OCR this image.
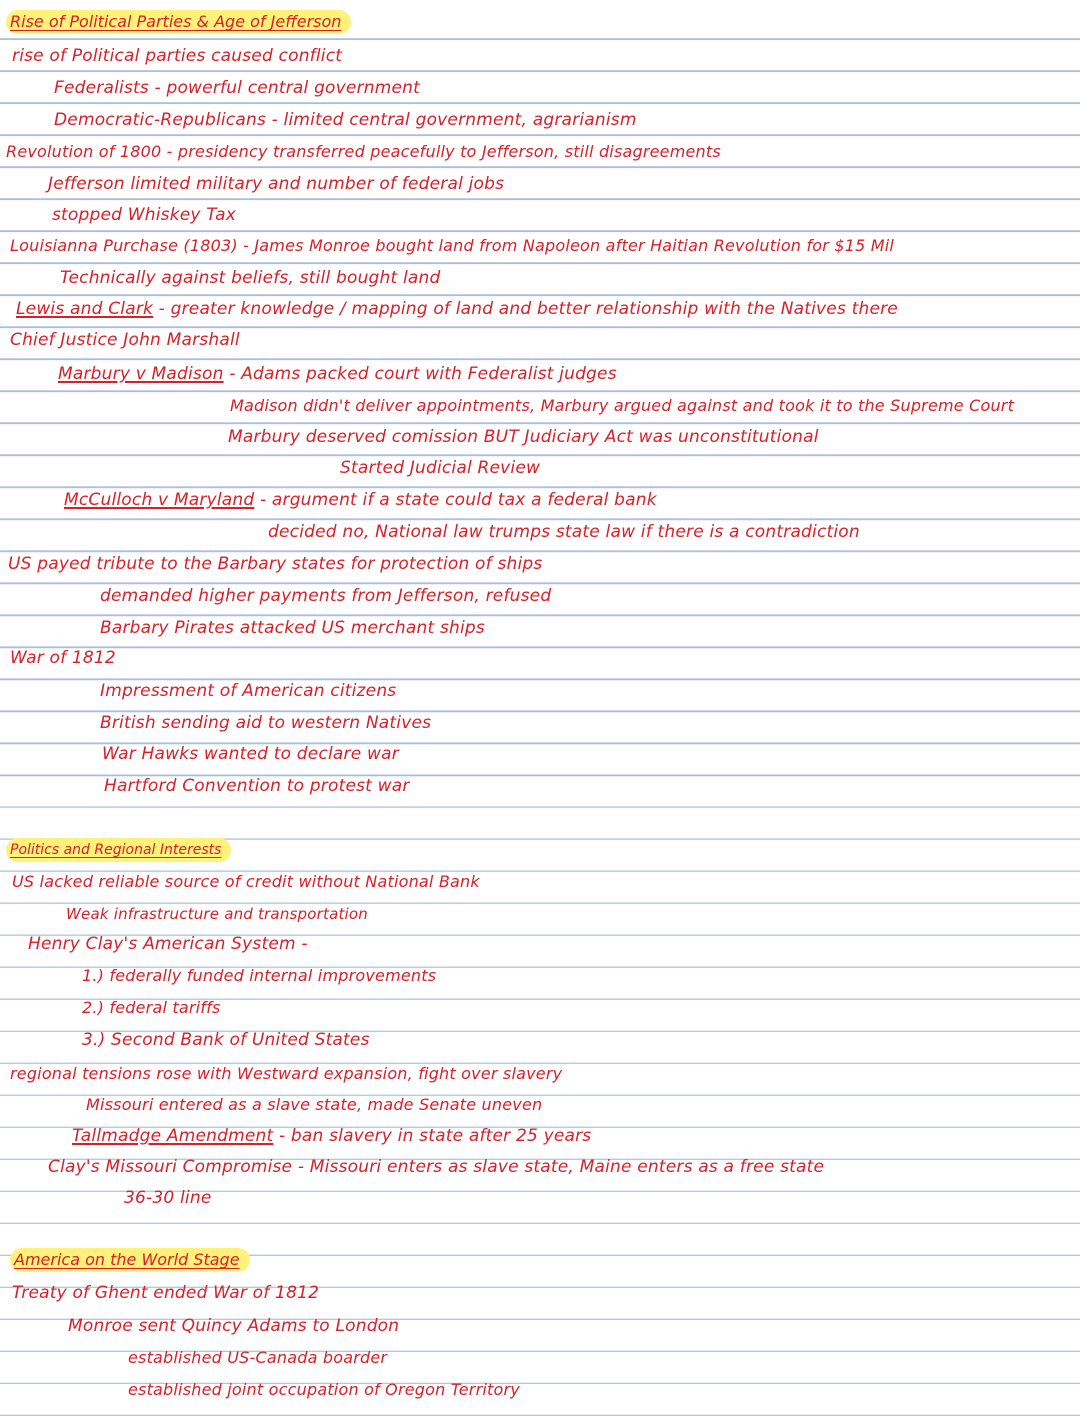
Rise of Political Parties & Age of Jefferson
rise of Political parties caused conflict
Federalists - powerful central government
Democratic-Republicans - limited central government, agrarianism
Revolution of 1800 - presidency transferred peacefully to Jefferson, still disagreements
Jefferson limited military and number of federal jobs
stopped Whiskey Tax
Louisianna Purchase (1803) - James Monroe bought land from Napoleon after Haitian Revolution for $15 Mil
Technically against beliefs, still bought land
Lewis and Clark - greater knowledge / mapping of land and better relationship with the Natives there
Chief Justice John Marshall
Marbury v Madison - Adams packed court with Federalist judges
Madison didn't deliver appointments, Marbury argued against and took it to the Supreme Court
Marbury deserved comission BUT Judiciary Act was unconstitutional
Started Judicial Review
McCulloch v Maryland - argument if a state could tax a federal bank
decided no, National law trumps state law if there is a contradiction
US payed tribute to the Barbary states for protection of ships
demanded higher payments from Jefferson, refused
Barbary Pirates attacked US merchant ships
War of 1812
Impressment of American citizens
British sending aid to western Natives
War Hawks wanted to declare war
Hartford Convention to protest war
Politics and Regional Interests
US lacked reliable source of credit without National Bank
Weak infrastructure and transportation
Henry Clay's American System -
1.) federally funded internal improvements
2.) federal tariffs
3.) Second Bank of United States
regional tensions rose with Westward expansion, fight over slavery
Missouri entered as a slave state, made Senate uneven
Tallmadge Amendment - ban slavery in state after 25 years
Clay's Missouri Compromise - Missouri enters as slave state, Maine enters as a free state
36-30 line
America on the World Stage
Treaty of Ghent ended War of 1812
Monroe sent Quincy Adams to London
established US-Canada boarder
established joint occupation of Oregon Territory
